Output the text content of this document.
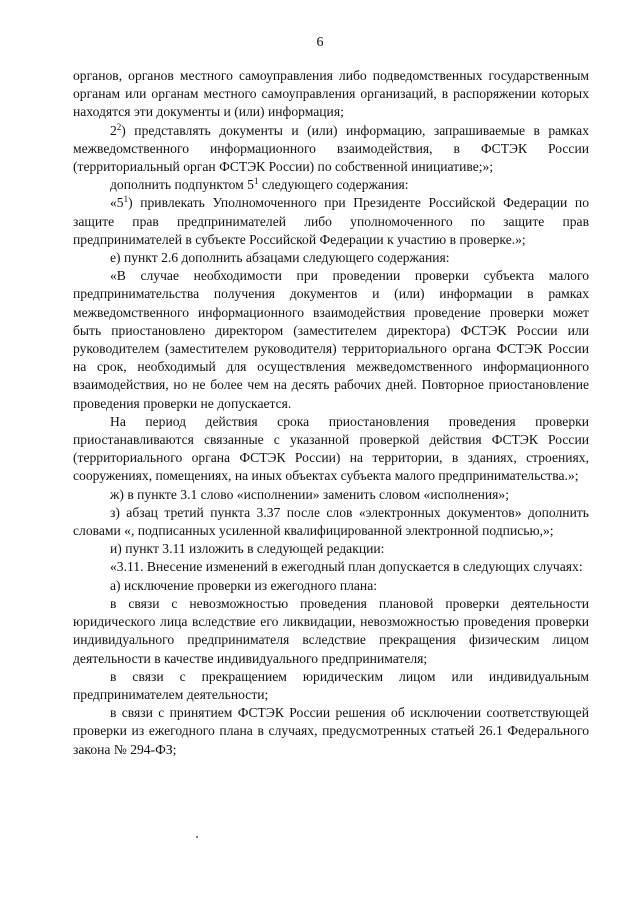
6

органов, органов местного самоуправления либо подведомственных государственным органам или органам местного самоуправления организаций, в распоряжении которых находятся эти документы и (или) информация;

$2^2$) представлять документы и (или) информацию, запрашиваемые в рамках межведомственного информационного взаимодействия, в ФСТЭК России (территориальный орган ФСТЭК России) по собственной инициативе;»;

дополнить подпунктом $5^1$ следующего содержания:

«$5^1$) привлекать Уполномоченного при Президенте Российской Федерации по защите прав предпринимателей либо уполномоченного по защите прав предпринимателей в субъекте Российской Федерации к участию в проверке.»;

е) пункт 2.6 дополнить абзацами следующего содержания:

«В случае необходимости при проведении проверки субъекта малого предпринимательства получения документов и (или) информации в рамках межведомственного информационного взаимодействия проведение проверки может быть приостановлено директором (заместителем директора) ФСТЭК России или руководителем (заместителем руководителя) территориального органа ФСТЭК России на срок, необходимый для осуществления межведомственного информационного взаимодействия, но не более чем на десять рабочих дней. Повторное приостановление проведения проверки не допускается.

На период действия срока приостановления проведения проверки приостанавливаются связанные с указанной проверкой действия ФСТЭК России (территориального органа ФСТЭК России) на территории, в зданиях, строениях, сооружениях, помещениях, на иных объектах субъекта малого предпринимательства.»;

ж) в пункте 3.1 слово «исполнении» заменить словом «исполнения»;

з) абзац третий пункта 3.37 после слов «электронных документов» дополнить словами «, подписанных усиленной квалифицированной электронной подписью,»;

и) пункт 3.11 изложить в следующей редакции:

«3.11. Внесение изменений в ежегодный план допускается в следующих случаях:

а) исключение проверки из ежегодного плана:

в связи с невозможностью проведения плановой проверки деятельности юридического лица вследствие его ликвидации, невозможностью проведения проверки индивидуального предпринимателя вследствие прекращения физическим лицом деятельности в качестве индивидуального предпринимателя;

в связи с прекращением юридическим лицом или индивидуальным предпринимателем деятельности;

в связи с принятием ФСТЭК России решения об исключении соответствующей проверки из ежегодного плана в случаях, предусмотренных статьей 26.1 Федерального закона № 294-ФЗ;
